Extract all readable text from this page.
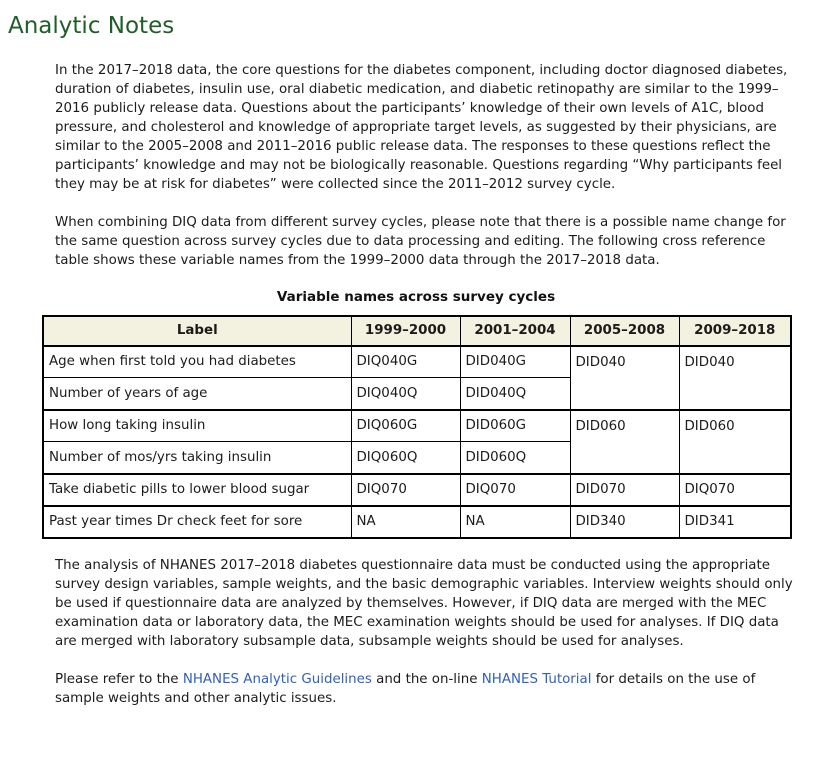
Analytic Notes

In the 2017–2018 data, the core questions for the diabetes component, including doctor diagnosed diabetes, duration of diabetes, insulin use, oral diabetic medication, and diabetic retinopathy are similar to the 1999–2016 publicly release data. Questions about the participants’ knowledge of their own levels of A1C, blood pressure, and cholesterol and knowledge of appropriate target levels, as suggested by their physicians, are similar to the 2005–2008 and 2011–2016 public release data. The responses to these questions reflect the participants’ knowledge and may not be biologically reasonable. Questions regarding “Why participants feel they may be at risk for diabetes” were collected since the 2011–2012 survey cycle.

When combining DIQ data from different survey cycles, please note that there is a possible name change for the same question across survey cycles due to data processing and editing. The following cross reference table shows these variable names from the 1999–2000 data through the 2017–2018 data.

Variable names across survey cycles
Label	1999–2000	2001–2004	2005–2008	2009–2018
Age when first told you had diabetes	DIQ040G	DID040G	DID040	DID040
Number of years of age	DIQ040Q	DID040Q		
How long taking insulin	DIQ060G	DID060G	DID060	DID060
Number of mos/yrs taking insulin	DIQ060Q	DID060Q		
Take diabetic pills to lower blood sugar	DIQ070	DIQ070	DID070	DIQ070
Past year times Dr check feet for sore	NA	NA	DID340	DID341

The analysis of NHANES 2017–2018 diabetes questionnaire data must be conducted using the appropriate survey design variables, sample weights, and the basic demographic variables. Interview weights should only be used if questionnaire data are analyzed by themselves. However, if DIQ data are merged with the MEC examination data or laboratory data, the MEC examination weights should be used for analyses. If DIQ data are merged with laboratory subsample data, subsample weights should be used for analyses.

Please refer to the NHANES Analytic Guidelines and the on-line NHANES Tutorial for details on the use of sample weights and other analytic issues.
